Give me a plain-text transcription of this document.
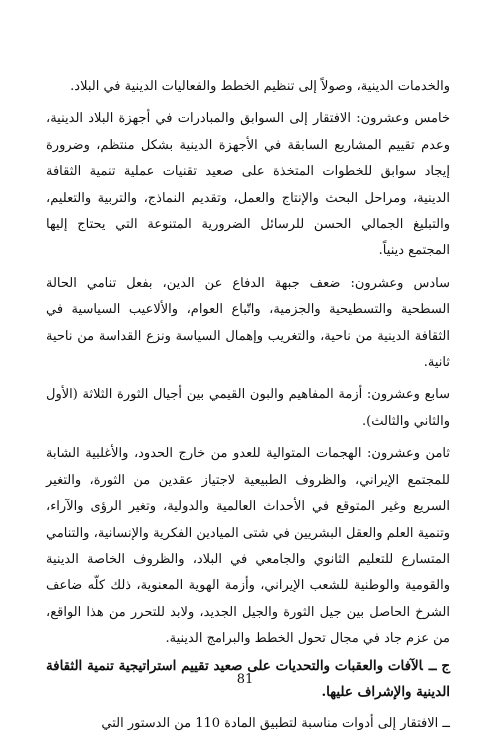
والخدمات الدينية، وصولاً إلى تنظيم الخطط والفعاليات الدينية في البلاد.

خامس وعشرون: الافتقار إلى السوابق والمبادرات في أجهزة البلاد الدينية، وعدم تقييم المشاريع السابقة في الأجهزة الدينية بشكل منتظم، وضرورة إيجاد سوابق للخطوات المتخذة على صعيد تقنيات عملية تنمية الثقافة الدينية، ومراحل البحث والإنتاج والعمل، وتقديم النماذج، والتربية والتعليم، والتبليغ الجمالي الحسن للرسائل الضرورية المتنوعة التي يحتاج إليها المجتمع دينياً.

سادس وعشرون: ضعف جبهة الدفاع عن الدين، بفعل تنامي الحالة السطحية والتسطيحية والجزمية، واتّباع العوام، والألاعيب السياسية في الثقافة الدينية من ناحية، والتغريب وإهمال السياسة ونزع القداسة من ناحية ثانية.

سابع وعشرون: أزمة المفاهيم والبون القيمي بين أجيال الثورة الثلاثة (الأول والثاني والثالث).

ثامن وعشرون: الهجمات المتوالية للعدو من خارج الحدود، والأغلبية الشابة للمجتمع الإيراني، والظروف الطبيعية لاجتياز عقدين من الثورة، والتغير السريع وغير المتوقع في الأحداث العالمية والدولية، وتغير الرؤى والآراء، وتنمية العلم والعقل البشريين في شتى الميادين الفكرية والإنسانية، والتنامي المتسارع للتعليم الثانوي والجامعي في البلاد، والظروف الخاصة الدينية والقومية والوطنية للشعب الإيراني، وأزمة الهوية المعنوية، ذلك كلّه ضاعف الشرخ الحاصل بين جيل الثورة والجيل الجديد، ولابد للتحرر من هذا الواقع، من عزم جاد في مجال تحول الخطط والبرامج الدينية.

ج ــالآفات والعقبات والتحديات على صعيد تقييم استراتيجية تنمية الثقافة الدينية والإشراف عليها.

ــ الافتقار إلى أدوات مناسبة لتطبيق المادة 110 من الدستور التي

81
